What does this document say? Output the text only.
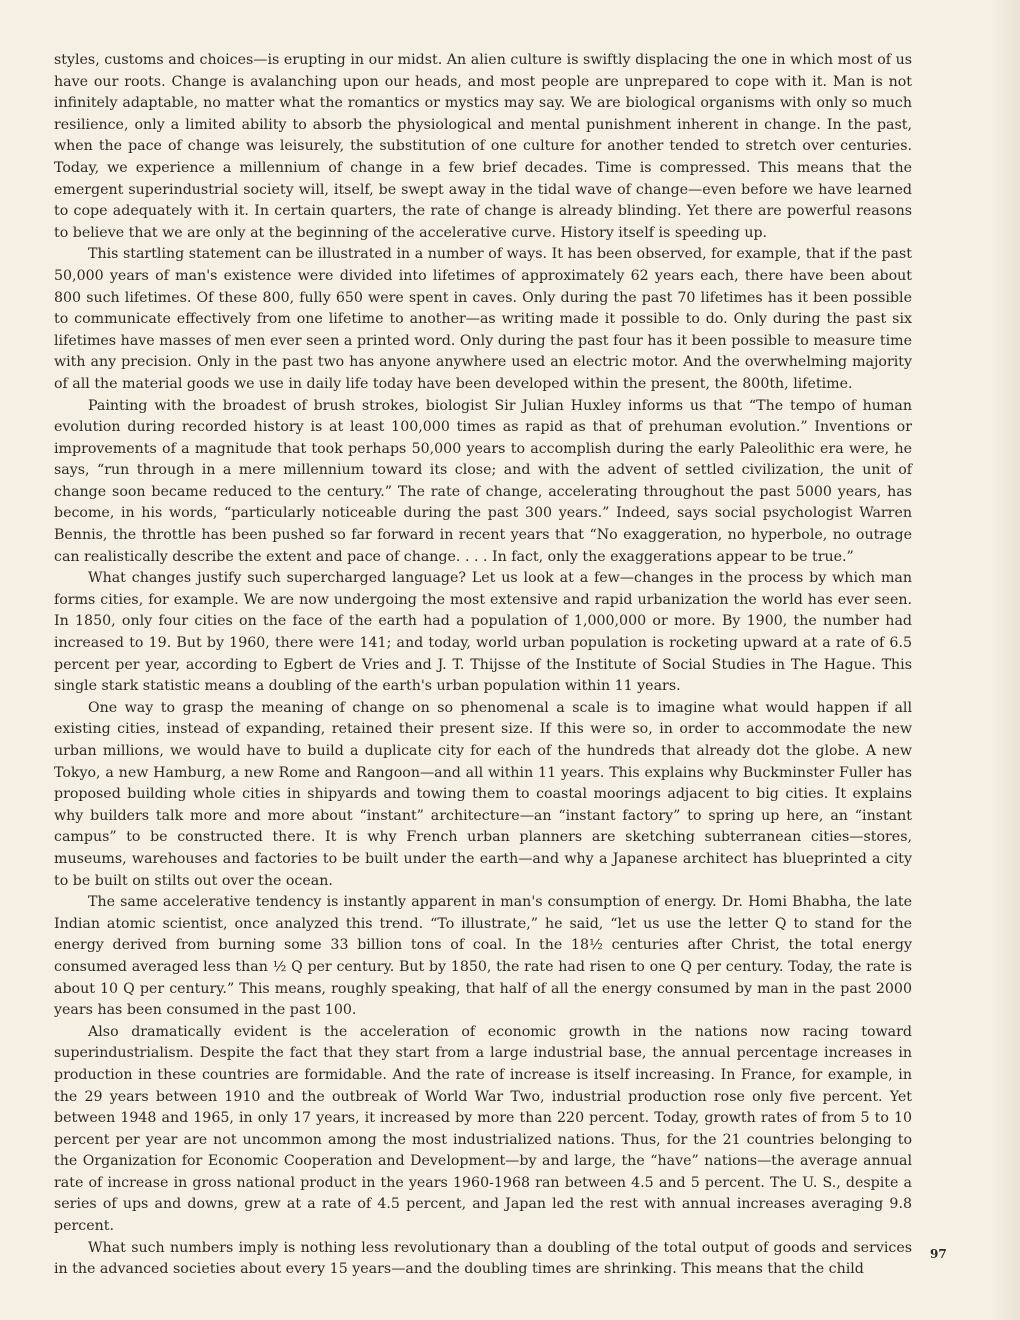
styles, customs and choices—is erupting in our midst. An alien culture is swiftly displacing the one in which most of us have our roots. Change is avalanching upon our heads, and most people are unprepared to cope with it. Man is not infinitely adaptable, no matter what the romantics or mystics may say. We are biological organisms with only so much resilience, only a limited ability to absorb the physiological and mental punishment inherent in change. In the past, when the pace of change was leisurely, the substitution of one culture for another tended to stretch over centuries. Today, we experience a millennium of change in a few brief decades. Time is compressed. This means that the emergent superindustrial society will, itself, be swept away in the tidal wave of change—even before we have learned to cope adequately with it. In certain quarters, the rate of change is already blinding. Yet there are powerful reasons to believe that we are only at the beginning of the accelerative curve. History itself is speeding up.

This startling statement can be illustrated in a number of ways. It has been observed, for example, that if the past 50,000 years of man's existence were divided into lifetimes of approximately 62 years each, there have been about 800 such lifetimes. Of these 800, fully 650 were spent in caves. Only during the past 70 lifetimes has it been possible to communicate effectively from one lifetime to another—as writing made it possible to do. Only during the past six lifetimes have masses of men ever seen a printed word. Only during the past four has it been possible to measure time with any precision. Only in the past two has anyone anywhere used an electric motor. And the overwhelming majority of all the material goods we use in daily life today have been developed within the present, the 800th, lifetime.

Painting with the broadest of brush strokes, biologist Sir Julian Huxley informs us that “The tempo of human evolution during recorded history is at least 100,000 times as rapid as that of prehuman evolution.” Inventions or improvements of a magnitude that took perhaps 50,000 years to accomplish during the early Paleolithic era were, he says, “run through in a mere millennium toward its close; and with the advent of settled civilization, the unit of change soon became reduced to the century.” The rate of change, accelerating throughout the past 5000 years, has become, in his words, “particularly noticeable during the past 300 years.” Indeed, says social psychologist Warren Bennis, the throttle has been pushed so far forward in recent years that “No exaggeration, no hyperbole, no outrage can realistically describe the extent and pace of change. . . . In fact, only the exaggerations appear to be true.”

What changes justify such supercharged language? Let us look at a few—changes in the process by which man forms cities, for example. We are now undergoing the most extensive and rapid urbanization the world has ever seen. In 1850, only four cities on the face of the earth had a population of 1,000,000 or more. By 1900, the number had increased to 19. But by 1960, there were 141; and today, world urban population is rocketing upward at a rate of 6.5 percent per year, according to Egbert de Vries and J. T. Thijsse of the Institute of Social Studies in The Hague. This single stark statistic means a doubling of the earth's urban population within 11 years.

One way to grasp the meaning of change on so phenomenal a scale is to imagine what would happen if all existing cities, instead of expanding, retained their present size. If this were so, in order to accommodate the new urban millions, we would have to build a duplicate city for each of the hundreds that already dot the globe. A new Tokyo, a new Hamburg, a new Rome and Rangoon—and all within 11 years. This explains why Buckminster Fuller has proposed building whole cities in shipyards and towing them to coastal moorings adjacent to big cities. It explains why builders talk more and more about “instant” architecture—an “instant factory” to spring up here, an “instant campus” to be constructed there. It is why French urban planners are sketching subterranean cities—stores, museums, warehouses and factories to be built under the earth—and why a Japanese architect has blueprinted a city to be built on stilts out over the ocean.

The same accelerative tendency is instantly apparent in man's consumption of energy. Dr. Homi Bhabha, the late Indian atomic scientist, once analyzed this trend. “To illustrate,” he said, “let us use the letter Q to stand for the energy derived from burning some 33 billion tons of coal. In the 18½ centuries after Christ, the total energy consumed averaged less than ½ Q per century. But by 1850, the rate had risen to one Q per century. Today, the rate is about 10 Q per century.” This means, roughly speaking, that half of all the energy consumed by man in the past 2000 years has been consumed in the past 100.

Also dramatically evident is the acceleration of economic growth in the nations now racing toward superindustrialism. Despite the fact that they start from a large industrial base, the annual percentage increases in production in these countries are formidable. And the rate of increase is itself increasing. In France, for example, in the 29 years between 1910 and the outbreak of World War Two, industrial production rose only five percent. Yet between 1948 and 1965, in only 17 years, it increased by more than 220 percent. Today, growth rates of from 5 to 10 percent per year are not uncommon among the most industrialized nations. Thus, for the 21 countries belonging to the Organization for Economic Cooperation and Development—by and large, the “have” nations—the average annual rate of increase in gross national product in the years 1960-1968 ran between 4.5 and 5 percent. The U. S., despite a series of ups and downs, grew at a rate of 4.5 percent, and Japan led the rest with annual increases averaging 9.8 percent.

What such numbers imply is nothing less revolutionary than a doubling of the total output of goods and services in the advanced societies about every 15 years—and the doubling times are shrinking. This means that the child

97
